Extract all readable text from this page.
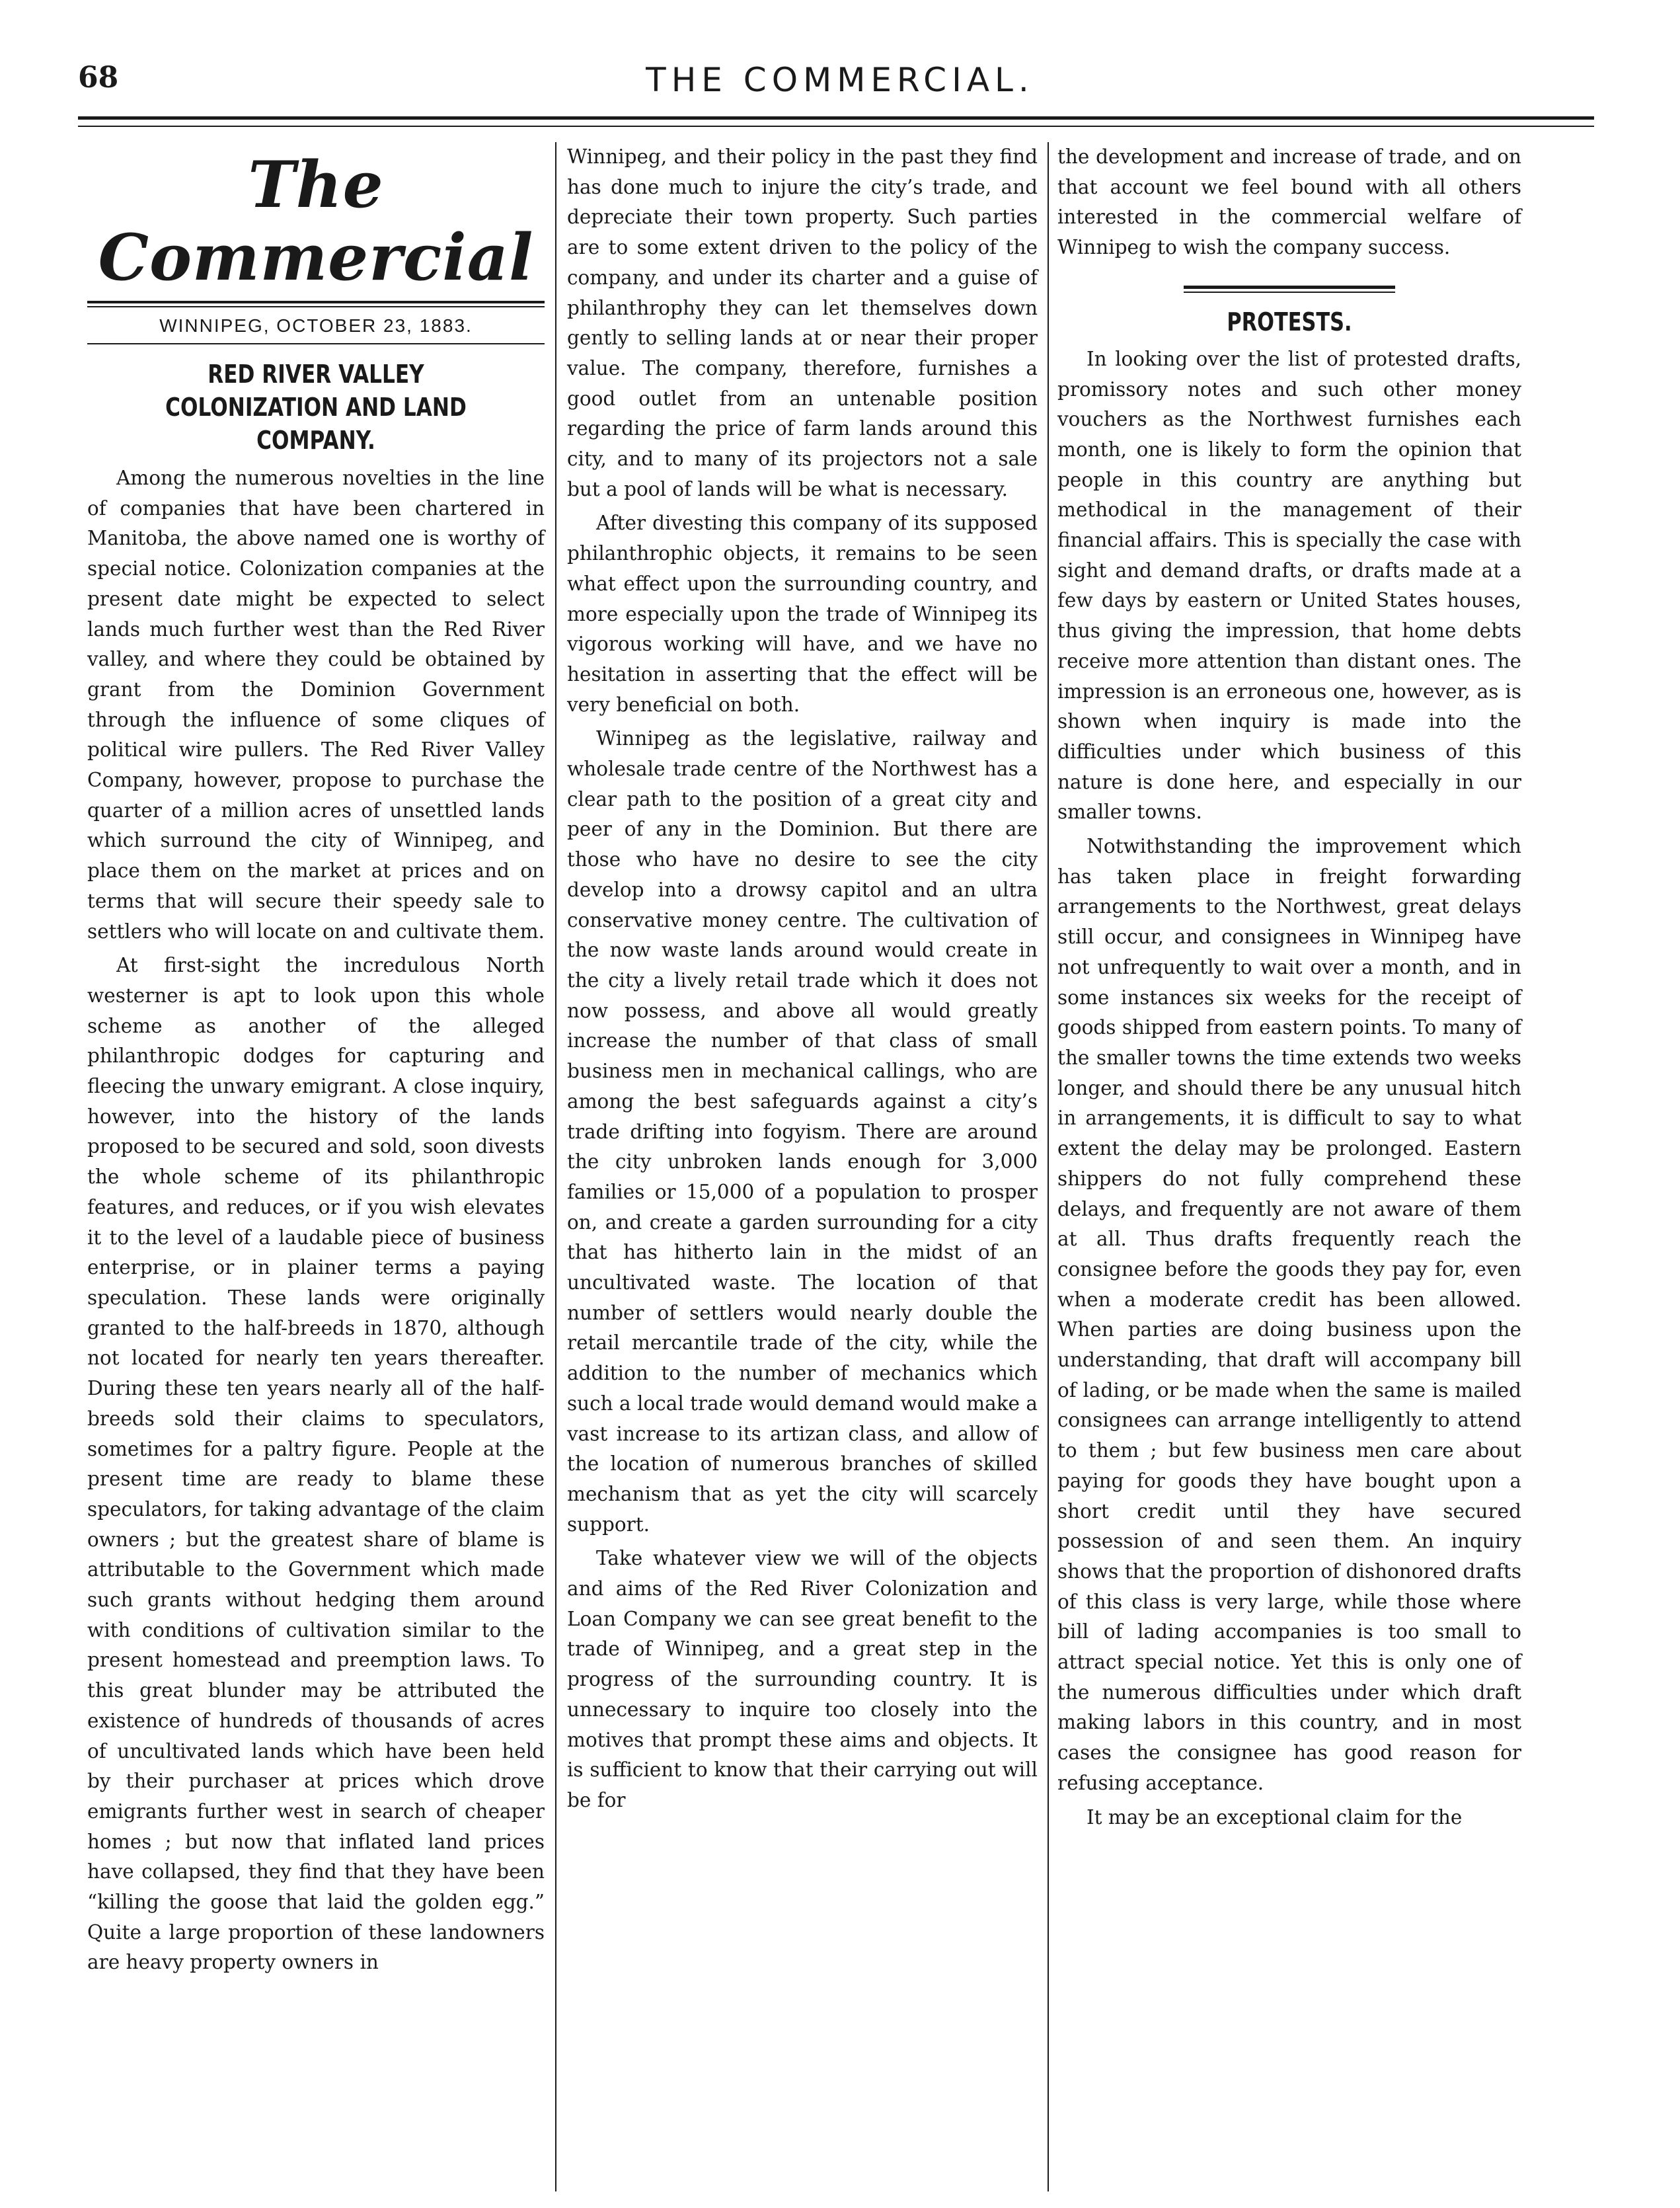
68	THE COMMERCIAL.
The Commercial
WINNIPEG, OCTOBER 23, 1883.
RED RIVER VALLEY COLONIZATION AND LAND COMPANY.

Among the numerous novelties in the line of companies that have been chartered in Manitoba, the above named one is worthy of special notice. Colonization companies at the present date might be expected to select lands much further west than the Red River valley, and where they could be obtained by grant from the Dominion Government through the influence of some cliques of political wire pullers. The Red River Valley Company, however, propose to purchase the quarter of a million acres of unsettled lands which surround the city of Winnipeg, and place them on the market at prices and on terms that will secure their speedy sale to settlers who will locate on and cultivate them.

At first-sight the incredulous North westerner is apt to look upon this whole scheme as another of the alleged philanthropic dodges for capturing and fleecing the unwary emigrant. A close inquiry, however, into the history of the lands proposed to be secured and sold, soon divests the whole scheme of its philanthropic features, and reduces, or if you wish elevates it to the level of a laudable piece of business enterprise, or in plainer terms a paying speculation. These lands were originally granted to the half-breeds in 1870, although not located for nearly ten years thereafter. During these ten years nearly all of the half-breeds sold their claims to speculators, sometimes for a paltry figure. People at the present time are ready to blame these speculators, for taking advantage of the claim owners ; but the greatest share of blame is attributable to the Government which made such grants without hedging them around with conditions of cultivation similar to the present homestead and preemption laws. To this great blunder may be attributed the existence of hundreds of thousands of acres of uncultivated lands which have been held by their purchaser at prices which drove emigrants further west in search of cheaper homes ; but now that inflated land prices have collapsed, they find that they have been “killing the goose that laid the golden egg.” Quite a large proportion of these landowners are heavy property owners in

Winnipeg, and their policy in the past they find has done much to injure the city’s trade, and depreciate their town property. Such parties are to some extent driven to the policy of the company, and under its charter and a guise of philanthrophy they can let themselves down gently to selling lands at or near their proper value. The company, therefore, furnishes a good outlet from an untenable position regarding the price of farm lands around this city, and to many of its projectors not a sale but a pool of lands will be what is necessary.

After divesting this company of its supposed philanthrophic objects, it remains to be seen what effect upon the surrounding country, and more especially upon the trade of Winnipeg its vigorous working will have, and we have no hesitation in asserting that the effect will be very beneficial on both.

Winnipeg as the legislative, railway and wholesale trade centre of the Northwest has a clear path to the position of a great city and peer of any in the Dominion. But there are those who have no desire to see the city develop into a drowsy capitol and an ultra conservative money centre. The cultivation of the now waste lands around would create in the city a lively retail trade which it does not now possess, and above all would greatly increase the number of that class of small business men in mechanical callings, who are among the best safeguards against a city’s trade drifting into fogyism. There are around the city unbroken lands enough for 3,000 families or 15,000 of a population to prosper on, and create a garden surrounding for a city that has hitherto lain in the midst of an uncultivated waste. The location of that number of settlers would nearly double the retail mercantile trade of the city, while the addition to the number of mechanics which such a local trade would demand would make a vast increase to its artizan class, and allow of the location of numerous branches of skilled mechanism that as yet the city will scarcely support.

Take whatever view we will of the objects and aims of the Red River Colonization and Loan Company we can see great benefit to the trade of Winnipeg, and a great step in the progress of the surrounding country. It is unnecessary to inquire too closely into the motives that prompt these aims and objects. It is sufficient to know that their carrying out will be for

the development and increase of trade, and on that account we feel bound with all others interested in the commercial welfare of Winnipeg to wish the company success.

PROTESTS.

In looking over the list of protested drafts, promissory notes and such other money vouchers as the Northwest furnishes each month, one is likely to form the opinion that people in this country are anything but methodical in the management of their financial affairs. This is specially the case with sight and demand drafts, or drafts made at a few days by eastern or United States houses, thus giving the impression, that home debts receive more attention than distant ones. The impression is an erroneous one, however, as is shown when inquiry is made into the difficulties under which business of this nature is done here, and especially in our smaller towns.

Notwithstanding the improvement which has taken place in freight forwarding arrangements to the Northwest, great delays still occur, and consignees in Winnipeg have not unfrequently to wait over a month, and in some instances six weeks for the receipt of goods shipped from eastern points. To many of the smaller towns the time extends two weeks longer, and should there be any unusual hitch in arrangements, it is difficult to say to what extent the delay may be prolonged. Eastern shippers do not fully comprehend these delays, and frequently are not aware of them at all. Thus drafts frequently reach the consignee before the goods they pay for, even when a moderate credit has been allowed. When parties are doing business upon the understanding, that draft will accompany bill of lading, or be made when the same is mailed consignees can arrange intelligently to attend to them ; but few business men care about paying for goods they have bought upon a short credit until they have secured possession of and seen them. An inquiry shows that the proportion of dishonored drafts of this class is very large, while those where bill of lading accompanies is too small to attract special notice. Yet this is only one of the numerous difficulties under which draft making labors in this country, and in most cases the consignee has good reason for refusing acceptance.

It may be an exceptional claim for the
